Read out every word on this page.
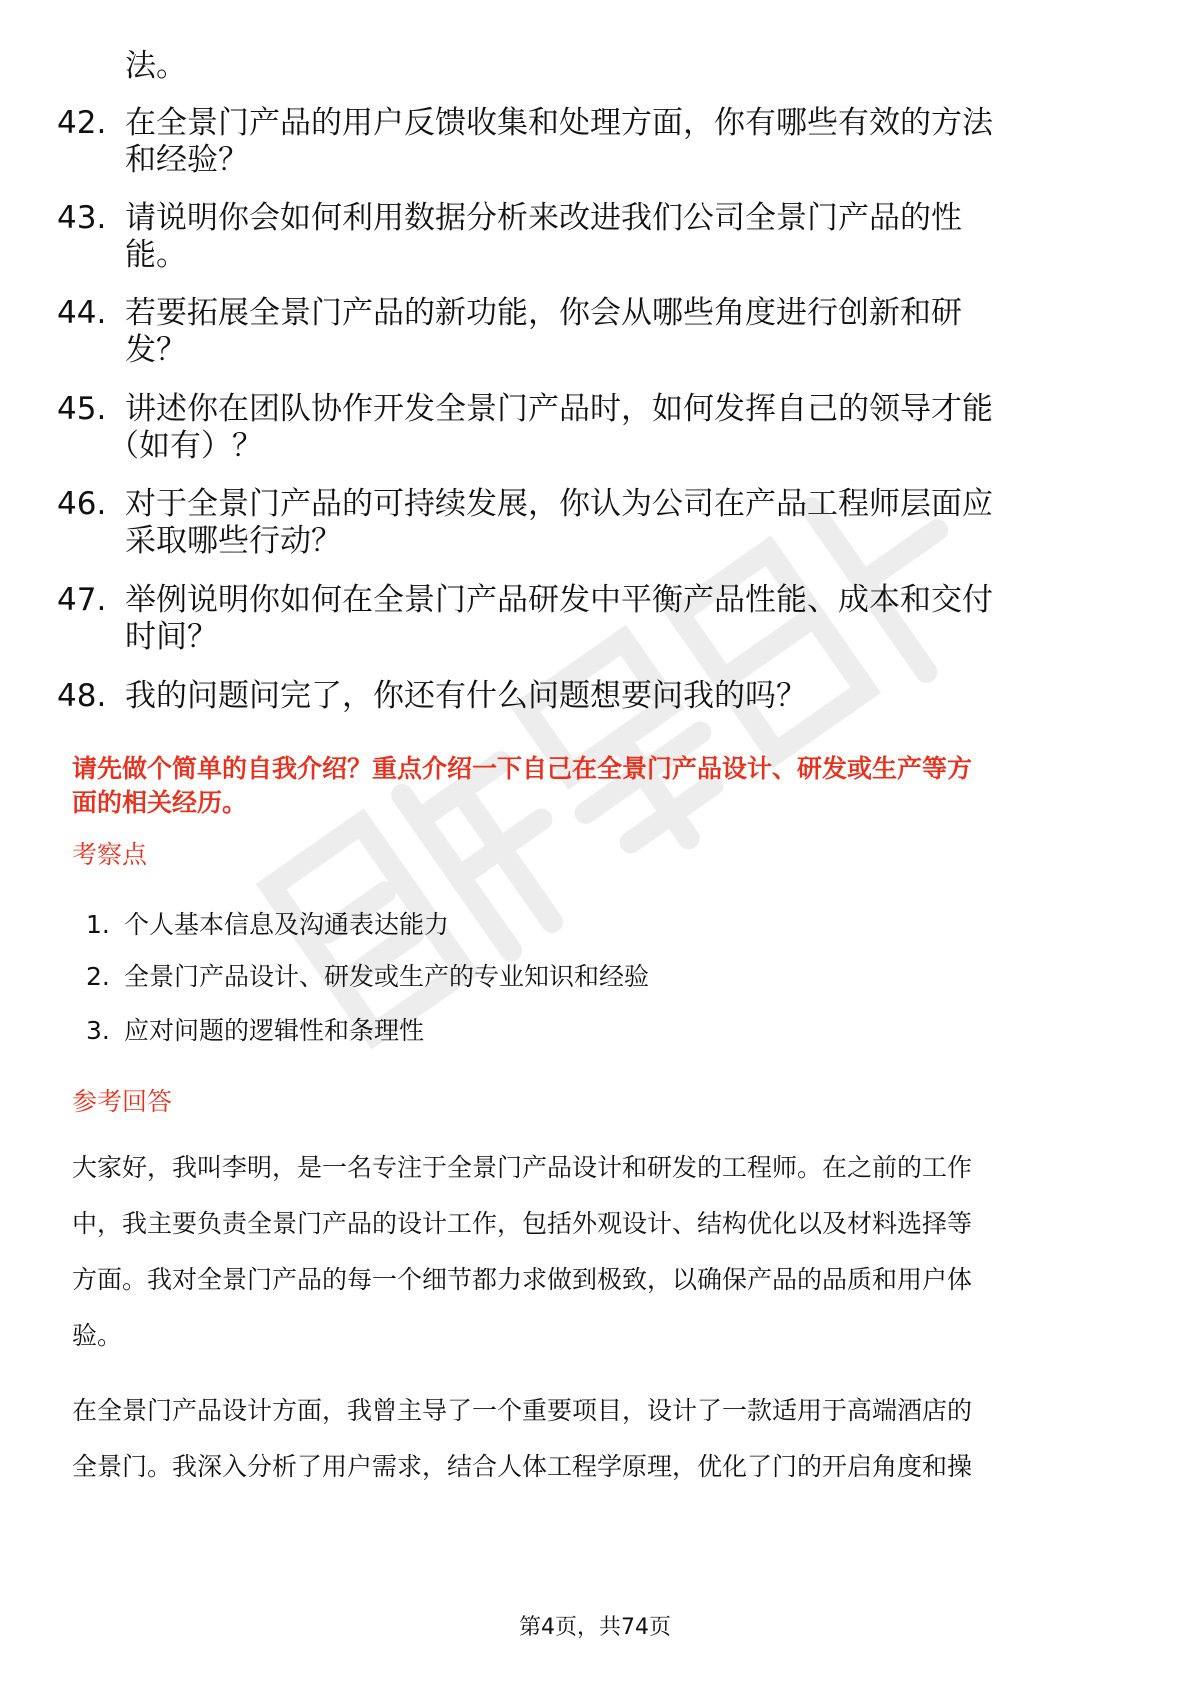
法。
42. 在全景门产品的用户反馈收集和处理方面，你有哪些有效的方法
和经验？
43. 请说明你会如何利用数据分析来改进我们公司全景门产品的性
能。
44. 若要拓展全景门产品的新功能，你会从哪些角度进行创新和研
发？
45. 讲述你在团队协作开发全景门产品时，如何发挥自己的领导才能
（如有）？
46. 对于全景门产品的可持续发展，你认为公司在产品工程师层面应
采取哪些行动？
47. 举例说明你如何在全景门产品研发中平衡产品性能、成本和交付
时间？
48. 我的问题问完了，你还有什么问题想要问我的吗？
请先做个简单的自我介绍？重点介绍一下自己在全景门产品设计、研发或生产等方
面的相关经历。
考察点
1. 个人基本信息及沟通表达能力
2. 全景门产品设计、研发或生产的专业知识和经验
3. 应对问题的逻辑性和条理性
参考回答
大家好，我叫李明，是一名专注于全景门产品设计和研发的工程师。在之前的工作
中，我主要负责全景门产品的设计工作，包括外观设计、结构优化以及材料选择等
方面。我对全景门产品的每一个细节都力求做到极致，以确保产品的品质和用户体
验。
在全景门产品设计方面，我曾主导了一个重要项目，设计了一款适用于高端酒店的
全景门。我深入分析了用户需求，结合人体工程学原理，优化了门的开启角度和操
第4页，共74页
